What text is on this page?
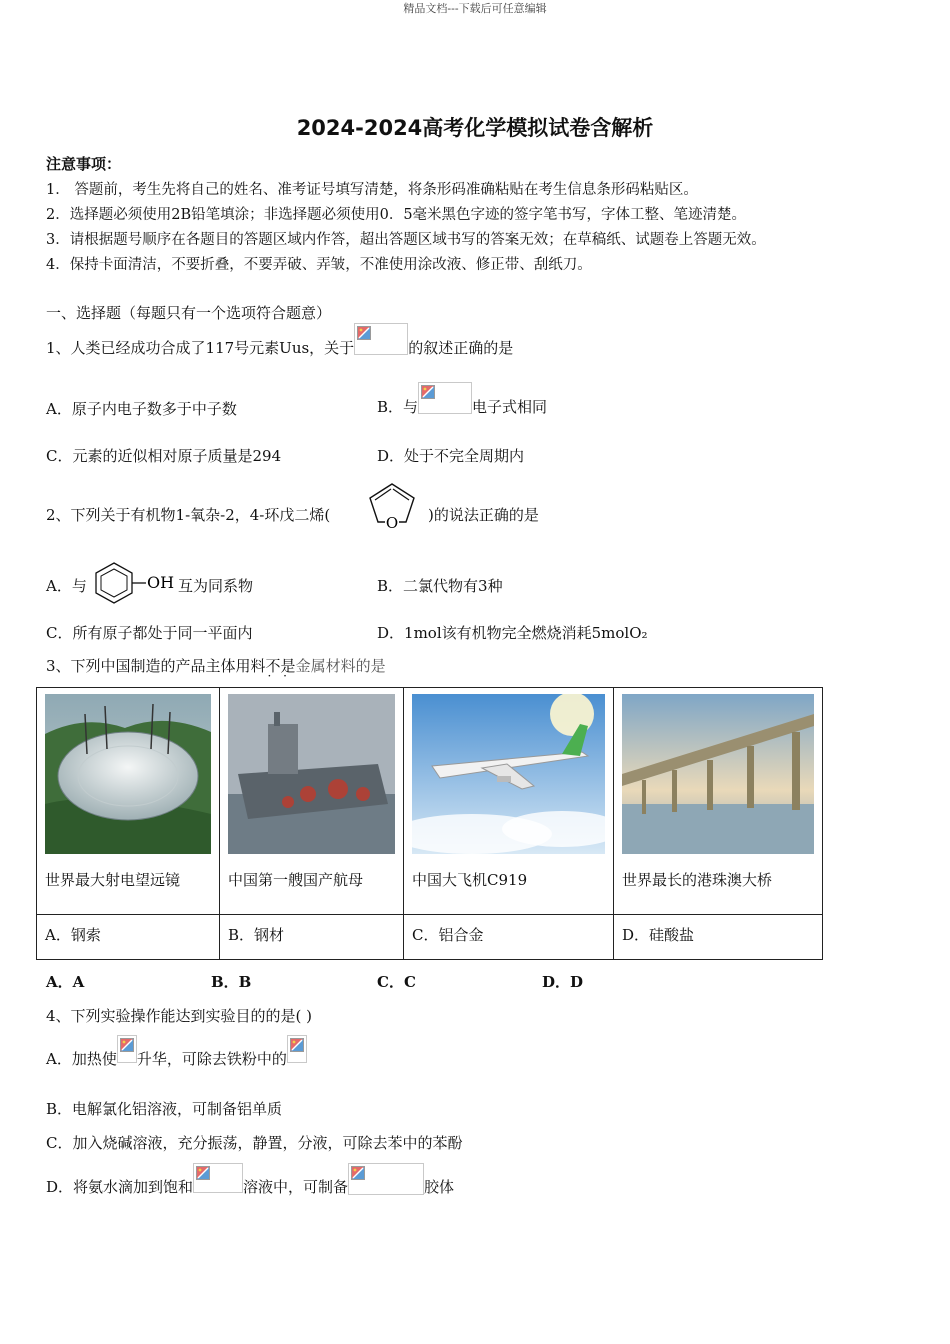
精品文档---下载后可任意编辑
2024-2024高考化学模拟试卷含解析
注意事项：
1． 答题前，考生先将自己的姓名、准考证号填写清楚，将条形码准确粘贴在考生信息条形码粘贴区。
2．选择题必须使用2B铅笔填涂；非选择题必须使用0．5毫米黑色字迹的签字笔书写，字体工整、笔迹清楚。
3．请根据题号顺序在各题目的答题区域内作答，超出答题区域书写的答案无效；在草稿纸、试题卷上答题无效。
4．保持卡面清洁，不要折叠，不要弄破、弄皱，不准使用涂改液、修正带、刮纸刀。
一、选择题（每题只有一个选项符合题意）
1、人类已经成功合成了117号元素Uus，关于	的叙述正确的是
A．原子内电子数多于中子数	B．与	电子式相同
C．元素的近似相对原子质量是294	D．处于不完全周期内
2、下列关于有机物1-氧杂-2，4-环戊二烯(	O )的说法正确的是
A．与	OH 互为同系物	B．二氯代物有3种
C．所有原子都处于同一平面内	D．1mol该有机物完全燃烧消耗5molO₂
3、下列中国制造的产品主体用料不是 · ·金属材料的是
世界最大射电望远镜	中国第一艘国产航母	中国大飞机C919	世界最长的港珠澳大桥

A．钢索	B．钢材	C．铝合金	D．硅酸盐
A．A	B．B	C．C	D．D
4、下列实验操作能达到实验目的的是( )
A．加热使 升华，可除去铁粉中的
B．电解氯化铝溶液，可制备铝单质
C．加入烧碱溶液，充分振荡，静置，分液，可除去苯中的苯酚
D．将氨水滴加到饱和	溶液中，可制备	胶体
